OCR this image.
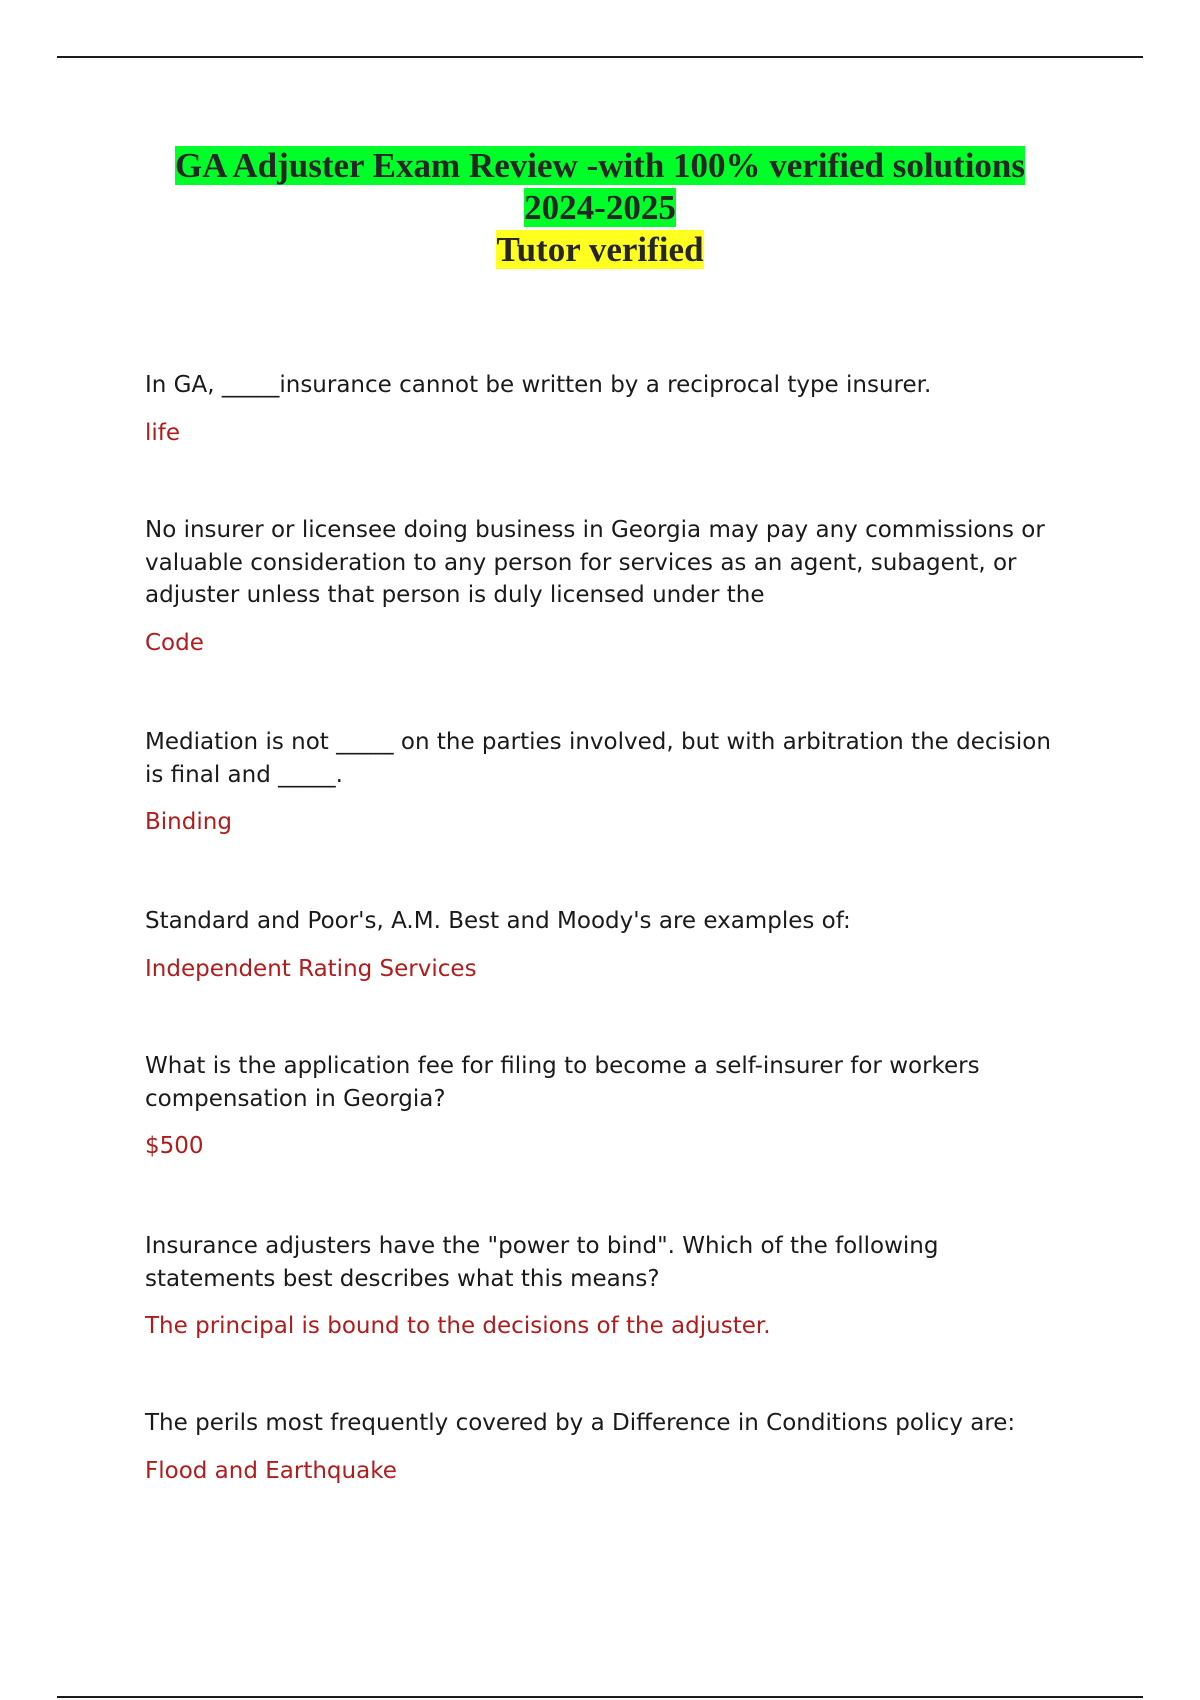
GA Adjuster Exam Review -with 100% verified solutions
2024-2025
Tutor verified
In GA, _____insurance cannot be written by a reciprocal type insurer.
life
No insurer or licensee doing business in Georgia may pay any commissions or valuable consideration to any person for services as an agent, subagent, or adjuster unless that person is duly licensed under the
Code
Mediation is not _____ on the parties involved, but with arbitration the decision is final and _____.
Binding
Standard and Poor's, A.M. Best and Moody's are examples of:
Independent Rating Services
What is the application fee for filing to become a self-insurer for workers compensation in Georgia?
$500
Insurance adjusters have the "power to bind". Which of the following statements best describes what this means?
The principal is bound to the decisions of the adjuster.
The perils most frequently covered by a Difference in Conditions policy are:
Flood and Earthquake
